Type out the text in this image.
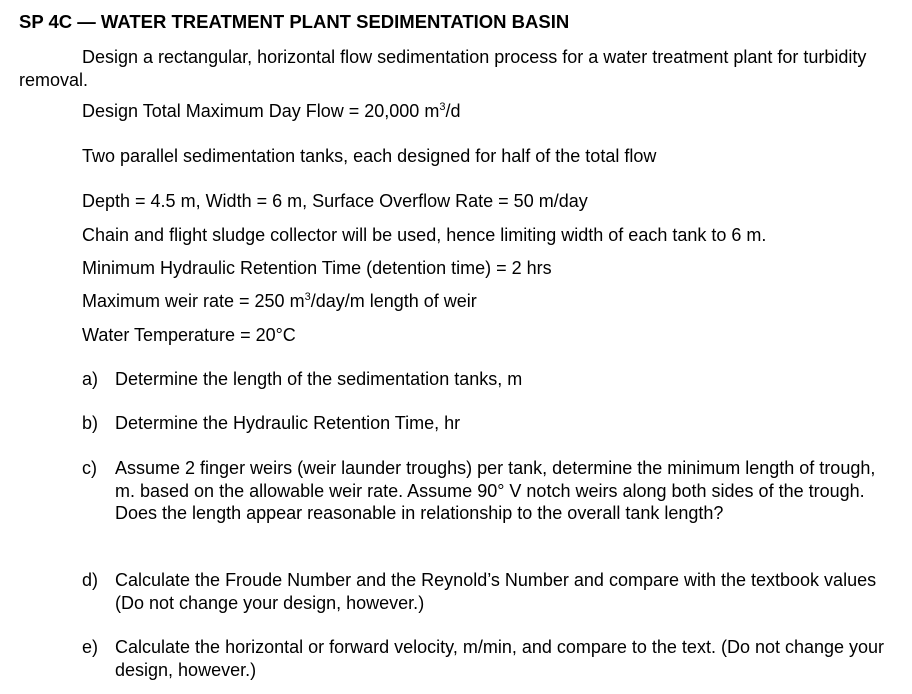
SP 4C — WATER TREATMENT PLANT SEDIMENTATION BASIN
Design a rectangular, horizontal flow sedimentation process for a water treatment plant for turbidity removal.
Design Total Maximum Day Flow = 20,000 $m^3/d$
Two parallel sedimentation tanks, each designed for half of the total flow
Depth = 4.5 m, Width = 6 m, Surface Overflow Rate = 50 m/day
Chain and flight sludge collector will be used, hence limiting width of each tank to 6 m.
Minimum Hydraulic Retention Time (detention time) = 2 hrs
Maximum weir rate = 250 $m^3/day/m$ length of weir
Water Temperature = 20°C
a) Determine the length of the sedimentation tanks, m
b) Determine the Hydraulic Retention Time, hr
c) Assume 2 finger weirs (weir launder troughs) per tank, determine the minimum length of trough, m. based on the allowable weir rate. Assume 90° V notch weirs along both sides of the trough. Does the length appear reasonable in relationship to the overall tank length?
d) Calculate the Froude Number and the Reynold’s Number and compare with the textbook values (Do not change your design, however.)
e) Calculate the horizontal or forward velocity, m/min, and compare to the text. (Do not change your design, however.)
